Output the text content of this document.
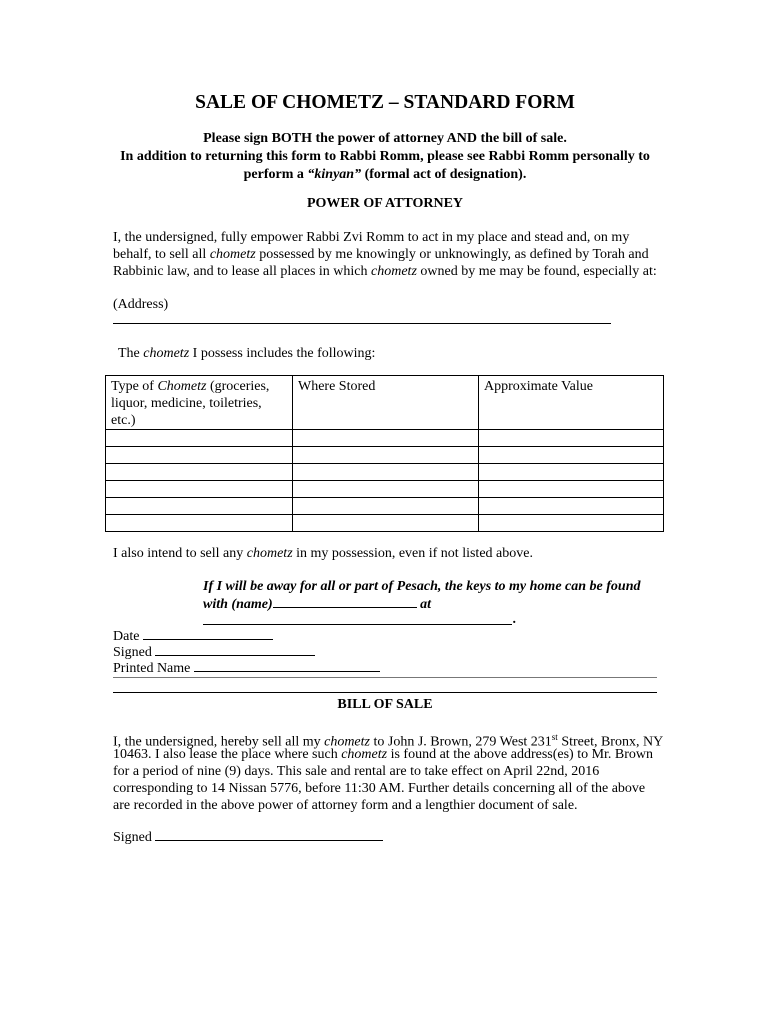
SALE OF CHOMETZ – STANDARD FORM
Please sign BOTH the power of attorney AND the bill of sale.
In addition to returning this form to Rabbi Romm, please see Rabbi Romm personally to
perform a “kinyan” (formal act of designation).
POWER OF ATTORNEY
I, the undersigned, fully empower Rabbi Zvi Romm to act in my place and stead and, on my
behalf, to sell all chometz possessed by me knowingly or unknowingly, as defined by Torah and
Rabbinic law, and to lease all places in which chometz owned by me may be found, especially at:
(Address)
The chometz I possess includes the following:
Type of Chometz (groceries,
liquor, medicine, toiletries,
etc.)	Where Stored	Approximate Value

I also intend to sell any chometz in my possession, even if not listed above.
If I will be away for all or part of Pesach, the keys to my home can be found
with (name)	at
.
Date
Signed
Printed Name
BILL OF SALE
I, the undersigned, hereby sell all my chometz to John J. Brown, 279 West 231st Street, Bronx, NY
10463. I also lease the place where such chometz is found at the above address(es) to Mr. Brown
for a period of nine (9) days. This sale and rental are to take effect on April 22nd, 2016
corresponding to 14 Nissan 5776, before 11:30 AM. Further details concerning all of the above
are recorded in the above power of attorney form and a lengthier document of sale.
Signed
